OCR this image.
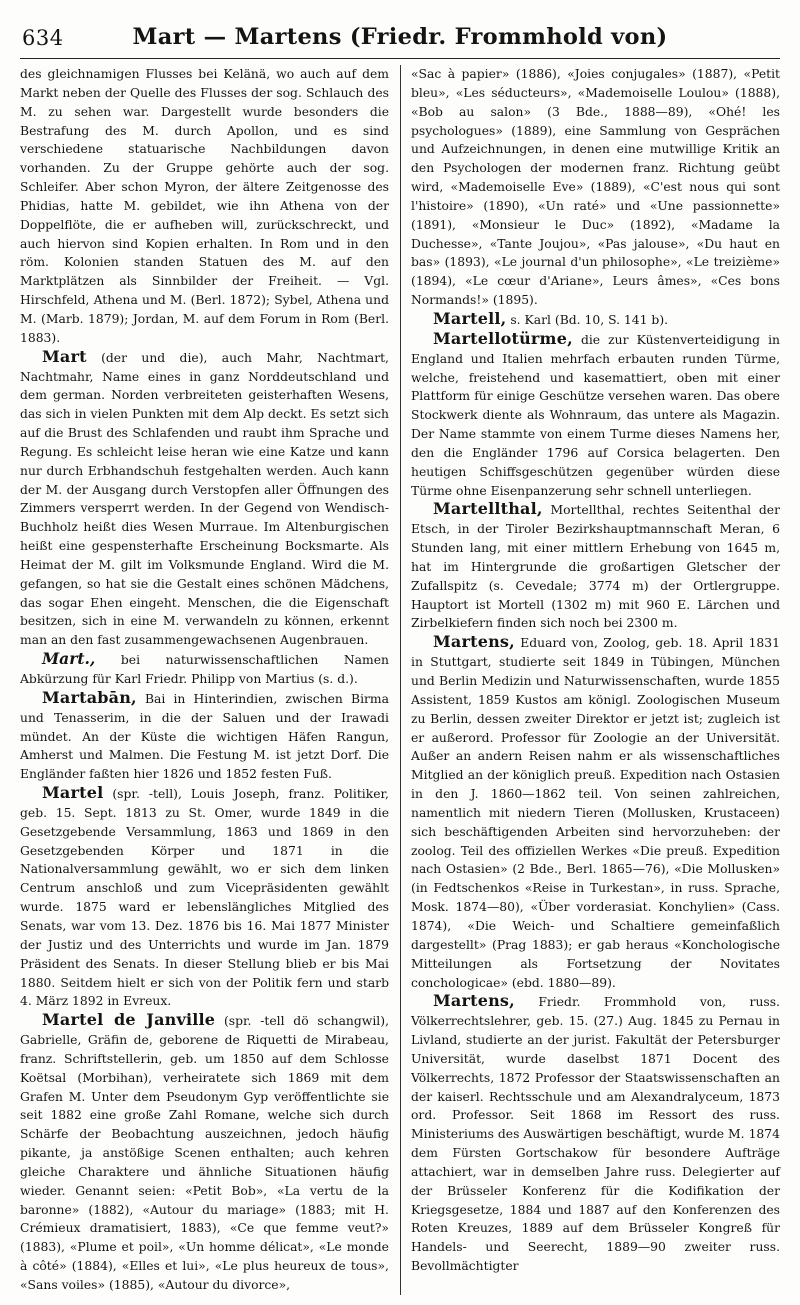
634	Mart — Martens (Friedr. Frommhold von)

des gleichnamigen Flusses bei Kelänä, wo auch auf dem Markt neben der Quelle des Flusses der sog. Schlauch des M. zu sehen war. Dargestellt wurde besonders die Bestrafung des M. durch Apollon, und es sind verschiedene statuarische Nachbildungen davon vorhanden. Zu der Gruppe gehörte auch der sog. Schleifer. Aber schon Myron, der ältere Zeitgenosse des Phidias, hatte M. gebildet, wie ihn Athena von der Doppelflöte, die er aufheben will, zurückschreckt, und auch hiervon sind Kopien erhalten. In Rom und in den röm. Kolonien standen Statuen des M. auf den Marktplätzen als Sinnbilder der Freiheit. — Vgl. Hirschfeld, Athena und M. (Berl. 1872); Sybel, Athena und M. (Marb. 1879); Jordan, M. auf dem Forum in Rom (Berl. 1883).

Mart (der und die), auch Mahr, Nachtmart, Nachtmahr, Name eines in ganz Norddeutschland und dem german. Norden verbreiteten geisterhaften Wesens, das sich in vielen Punkten mit dem Alp deckt. Es setzt sich auf die Brust des Schlafenden und raubt ihm Sprache und Regung. Es schleicht leise heran wie eine Katze und kann nur durch Erbhandschuh festgehalten werden. Auch kann der M. der Ausgang durch Verstopfen aller Öffnungen des Zimmers versperrt werden. In der Gegend von Wendisch-Buchholz heißt dies Wesen Murraue. Im Altenburgischen heißt eine gespensterhafte Erscheinung Bocksmarte. Als Heimat der M. gilt im Volksmunde England. Wird die M. gefangen, so hat sie die Gestalt eines schönen Mädchens, das sogar Ehen eingeht. Menschen, die die Eigenschaft besitzen, sich in eine M. verwandeln zu können, erkennt man an den fast zusammengewachsenen Augenbrauen.

Mart., bei naturwissenschaftlichen Namen Abkürzung für Karl Friedr. Philipp von Martius (s. d.).

Martabān, Bai in Hinterindien, zwischen Birma und Tenasserim, in die der Saluen und der Irawadi mündet. An der Küste die wichtigen Häfen Rangun, Amherst und Malmen. Die Festung M. ist jetzt Dorf. Die Engländer faßten hier 1826 und 1852 festen Fuß.

Martel (spr. -tell), Louis Joseph, franz. Politiker, geb. 15. Sept. 1813 zu St. Omer, wurde 1849 in die Gesetzgebende Versammlung, 1863 und 1869 in den Gesetzgebenden Körper und 1871 in die Nationalversammlung gewählt, wo er sich dem linken Centrum anschloß und zum Vicepräsidenten gewählt wurde. 1875 ward er lebenslängliches Mitglied des Senats, war vom 13. Dez. 1876 bis 16. Mai 1877 Minister der Justiz und des Unterrichts und wurde im Jan. 1879 Präsident des Senats. In dieser Stellung blieb er bis Mai 1880. Seitdem hielt er sich von der Politik fern und starb 4. März 1892 in Evreux.

Martel de Janville (spr. -tell dö schangwil), Gabrielle, Gräfin de, geborene de Riquetti de Mirabeau, franz. Schriftstellerin, geb. um 1850 auf dem Schlosse Koëtsal (Morbihan), verheiratete sich 1869 mit dem Grafen M. Unter dem Pseudonym Gyp veröffentlichte sie seit 1882 eine große Zahl Romane, welche sich durch Schärfe der Beobachtung auszeichnen, jedoch häufig pikante, ja anstößige Scenen enthalten; auch kehren gleiche Charaktere und ähnliche Situationen häufig wieder. Genannt seien: «Petit Bob», «La vertu de la baronne» (1882), «Autour du mariage» (1883; mit H. Crémieux dramatisiert, 1883), «Ce que femme veut?» (1883), «Plume et poil», «Un homme délicat», «Le monde à côté» (1884), «Elles et lui», «Le plus heureux de tous», «Sans voiles» (1885), «Autour du divorce»,

«Sac à papier» (1886), «Joies conjugales» (1887), «Petit bleu», «Les séducteurs», «Mademoiselle Loulou» (1888), «Bob au salon» (3 Bde., 1888—89), «Ohé! les psychologues» (1889), eine Sammlung von Gesprächen und Aufzeichnungen, in denen eine mutwillige Kritik an den Psychologen der modernen franz. Richtung geübt wird, «Mademoiselle Eve» (1889), «C'est nous qui sont l'histoire» (1890), «Un raté» und «Une passionnette» (1891), «Monsieur le Duc» (1892), «Madame la Duchesse», «Tante Joujou», «Pas jalouse», «Du haut en bas» (1893), «Le journal d'un philosophe», «Le treizième» (1894), «Le cœur d'Ariane», Leurs âmes», «Ces bons Normands!» (1895).

Martell, s. Karl (Bd. 10, S. 141 b).

Martellotürme, die zur Küstenverteidigung in England und Italien mehrfach erbauten runden Türme, welche, freistehend und kasemattiert, oben mit einer Plattform für einige Geschütze versehen waren. Das obere Stockwerk diente als Wohnraum, das untere als Magazin. Der Name stammte von einem Turme dieses Namens her, den die Engländer 1796 auf Corsica belagerten. Den heutigen Schiffsgeschützen gegenüber würden diese Türme ohne Eisenpanzerung sehr schnell unterliegen.

Martellthal, Mortellthal, rechtes Seitenthal der Etsch, in der Tiroler Bezirkshauptmannschaft Meran, 6 Stunden lang, mit einer mittlern Erhebung von 1645 m, hat im Hintergrunde die großartigen Gletscher der Zufallspitz (s. Cevedale; 3774 m) der Ortlergruppe. Hauptort ist Mortell (1302 m) mit 960 E. Lärchen und Zirbelkiefern finden sich noch bei 2300 m.

Martens, Eduard von, Zoolog, geb. 18. April 1831 in Stuttgart, studierte seit 1849 in Tübingen, München und Berlin Medizin und Naturwissenschaften, wurde 1855 Assistent, 1859 Kustos am königl. Zoologischen Museum zu Berlin, dessen zweiter Direktor er jetzt ist; zugleich ist er außerord. Professor für Zoologie an der Universität. Außer an andern Reisen nahm er als wissenschaftliches Mitglied an der königlich preuß. Expedition nach Ostasien in den J. 1860—1862 teil. Von seinen zahlreichen, namentlich mit niedern Tieren (Mollusken, Krustaceen) sich beschäftigenden Arbeiten sind hervorzuheben: der zoolog. Teil des offiziellen Werkes «Die preuß. Expedition nach Ostasien» (2 Bde., Berl. 1865—76), «Die Mollusken» (in Fedtschenkos «Reise in Turkestan», in russ. Sprache, Mosk. 1874—80), «Über vorderasiat. Konchylien» (Cass. 1874), «Die Weich- und Schaltiere gemeinfaßlich dargestellt» (Prag 1883); er gab heraus «Konchologische Mitteilungen als Fortsetzung der Novitates conchologicae» (ebd. 1880—89).

Martens, Friedr. Frommhold von, russ. Völkerrechtslehrer, geb. 15. (27.) Aug. 1845 zu Pernau in Livland, studierte an der jurist. Fakultät der Petersburger Universität, wurde daselbst 1871 Docent des Völkerrechts, 1872 Professor der Staatswissenschaften an der kaiserl. Rechtsschule und am Alexandralyceum, 1873 ord. Professor. Seit 1868 im Ressort des russ. Ministeriums des Auswärtigen beschäftigt, wurde M. 1874 dem Fürsten Gortschakow für besondere Aufträge attachiert, war in demselben Jahre russ. Delegierter auf der Brüsseler Konferenz für die Kodifikation der Kriegsgesetze, 1884 und 1887 auf den Konferenzen des Roten Kreuzes, 1889 auf dem Brüsseler Kongreß für Handels- und Seerecht, 1889—90 zweiter russ. Bevollmächtigter
